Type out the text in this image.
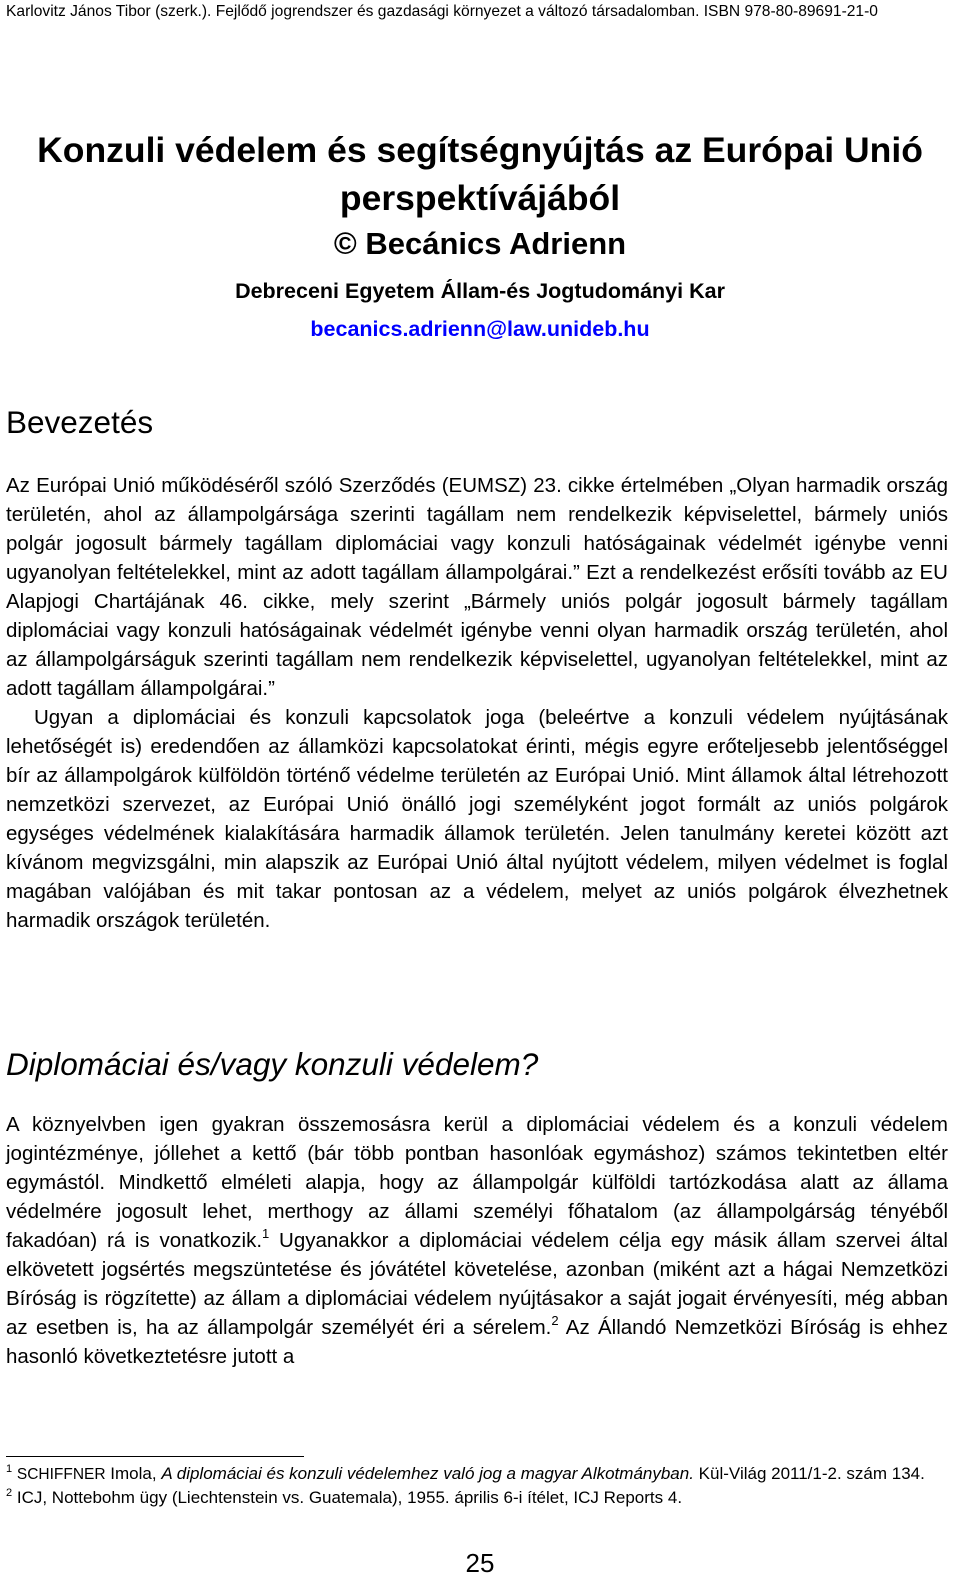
Karlovitz János Tibor (szerk.). Fejlődő jogrendszer és gazdasági környezet a változó társadalomban. ISBN 978-80-89691-21-0
Konzuli védelem és segítségnyújtás az Európai Unió
perspektívájából
© Becánics Adrienn
Debreceni Egyetem Állam-és Jogtudományi Kar
becanics.adrienn@law.unideb.hu
Bevezetés
Az Európai Unió működéséről szóló Szerződés (EUMSZ) 23. cikke értelmében „Olyan harmadik ország területén, ahol az állampolgársága szerinti tagállam nem rendelkezik képviselettel, bármely uniós polgár jogosult bármely tagállam diplomáciai vagy konzuli hatóságainak védelmét igénybe venni ugyanolyan feltételekkel, mint az adott tagállam állampolgárai.” Ezt a rendelkezést erősíti tovább az EU Alapjogi Chartájának 46. cikke, mely szerint „Bármely uniós polgár jogosult bármely tagállam diplomáciai vagy konzuli hatóságainak védelmét igénybe venni olyan harmadik ország területén, ahol az állampolgárságuk szerinti tagállam nem rendelkezik képviselettel, ugyanolyan feltételekkel, mint az adott tagállam állampolgárai.”
Ugyan a diplomáciai és konzuli kapcsolatok joga (beleértve a konzuli védelem nyújtásának lehetőségét is) eredendően az államközi kapcsolatokat érinti, mégis egyre erőteljesebb jelentőséggel bír az állampolgárok külföldön történő védelme területén az Európai Unió. Mint államok által létrehozott nemzetközi szervezet, az Európai Unió önálló jogi személyként jogot formált az uniós polgárok egységes védelmének kialakítására harmadik államok területén. Jelen tanulmány keretei között azt kívánom megvizsgálni, min alapszik az Európai Unió által nyújtott védelem, milyen védelmet is foglal magában valójában és mit takar pontosan az a védelem, melyet az uniós polgárok élvezhetnek harmadik országok területén.
Diplomáciai és/vagy konzuli védelem?
A köznyelvben igen gyakran összemosásra kerül a diplomáciai védelem és a konzuli védelem jogintézménye, jóllehet a kettő (bár több pontban hasonlóak egymáshoz) számos tekintetben eltér egymástól. Mindkettő elméleti alapja, hogy az állampolgár külföldi tartózkodása alatt az állama védelmére jogosult lehet, merthogy az állami személyi főhatalom (az állampolgárság tényéből fakadóan) rá is vonatkozik.$^1$ Ugyanakkor a diplomáciai védelem célja egy másik állam szervei által elkövetett jogsértés megszüntetése és jóvátétel követelése, azonban (miként azt a hágai Nemzetközi Bíróság is rögzítette) az állam a diplomáciai védelem nyújtásakor a saját jogait érvényesíti, még abban az esetben is, ha az állampolgár személyét éri a sérelem.$^2$ Az Állandó Nemzetközi Bíróság is ehhez hasonló következtetésre jutott a
$^1$ SCHIFFNER Imola, A diplomáciai és konzuli védelemhez való jog a magyar Alkotmányban. Kül-Világ 2011/1-2. szám 134.
$^2$ ICJ, Nottebohm ügy (Liechtenstein vs. Guatemala), 1955. április 6-i ítélet, ICJ Reports 4.
25
